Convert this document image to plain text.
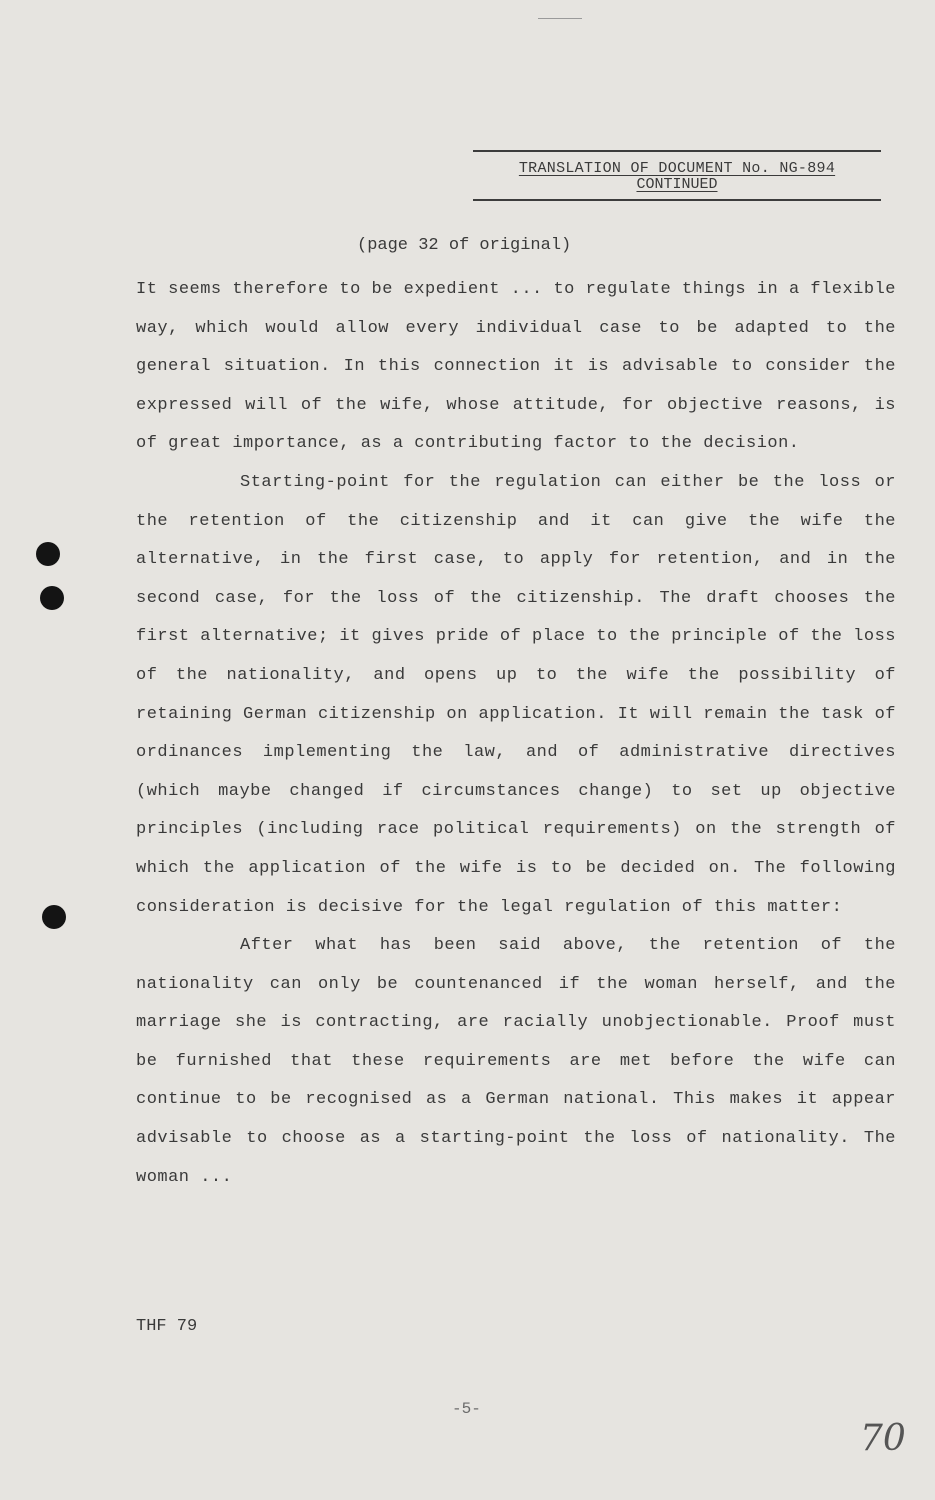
TRANSLATION OF DOCUMENT No. NG-894
CONTINUED
(page 32 of original)

It seems therefore to be expedient ... to regulate things in a flexible way, which would allow every individual case to be adapted to the general situation. In this connection it is advisable to consider the expressed will of the wife, whose attitude, for objective reasons, is of great importance, as a contributing factor to the decision.

Starting-point for the regulation can either be the loss or the retention of the citizenship and it can give the wife the alternative, in the first case, to apply for retention, and in the second case, for the loss of the citizenship. The draft chooses the first alternative; it gives pride of place to the principle of the loss of the nationality, and opens up to the wife the possibility of retaining German citizenship on application. It will remain the task of ordinances implementing the law, and of administrative directives (which maybe changed if circumstances change) to set up objective principles (including race political requirements) on the strength of which the application of the wife is to be decided on. The following consideration is decisive for the legal regulation of this matter:

After what has been said above, the retention of the nationality can only be countenanced if the woman herself, and the marriage she is contracting, are racially unobjectionable. Proof must be furnished that these requirements are met before the wife can continue to be recognised as a German national. This makes it appear advisable to choose as a starting-point the loss of nationality. The woman ...

THF 79
-5-
70
